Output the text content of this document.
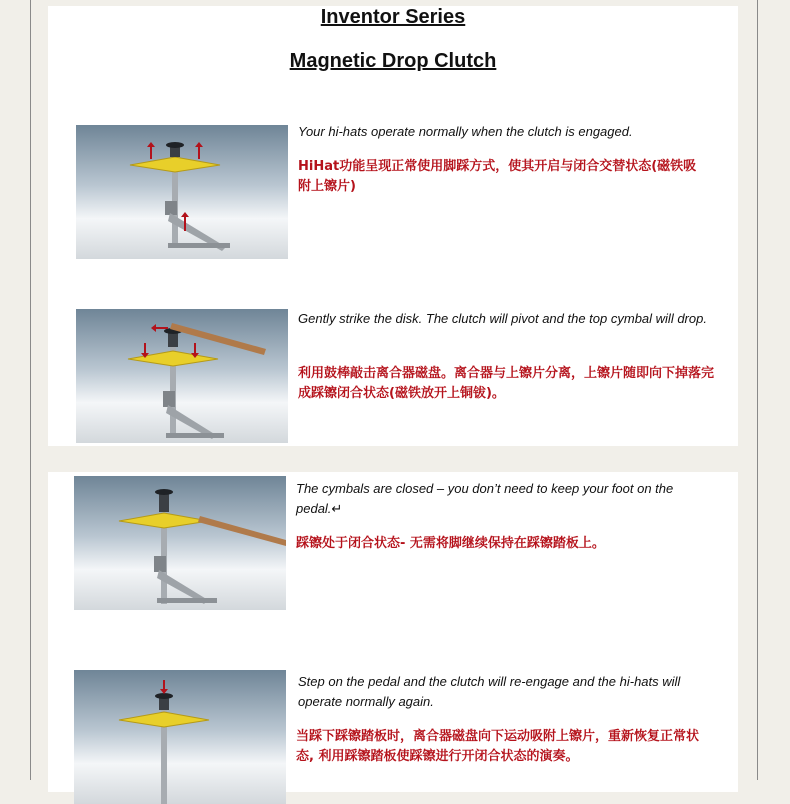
Inventor Series
Magnetic Drop Clutch
Your hi-hats operate normally when the clutch is engaged.
HiHat功能呈现正常使用脚踩方式，使其开启与闭合交替状态(磁铁吸附上镲片)
Gently strike the disk. The clutch will pivot and the top cymbal will drop.
利用鼓棒敲击离合器磁盘。离合器与上镲片分离，上镲片随即向下掉落完成踩镲闭合状态(磁铁放开上铜钹)。
The cymbals are closed – you don’t need to keep your foot on the pedal.↵
踩镲处于闭合状态- 无需将脚继续保持在踩镲踏板上。
Step on the pedal and the clutch will re-engage and the hi-hats will operate normally again.
当踩下踩镲踏板时，离合器磁盘向下运动吸附上镲片，重新恢复正常状态, 利用踩镲踏板使踩镲进行开闭合状态的演奏。
